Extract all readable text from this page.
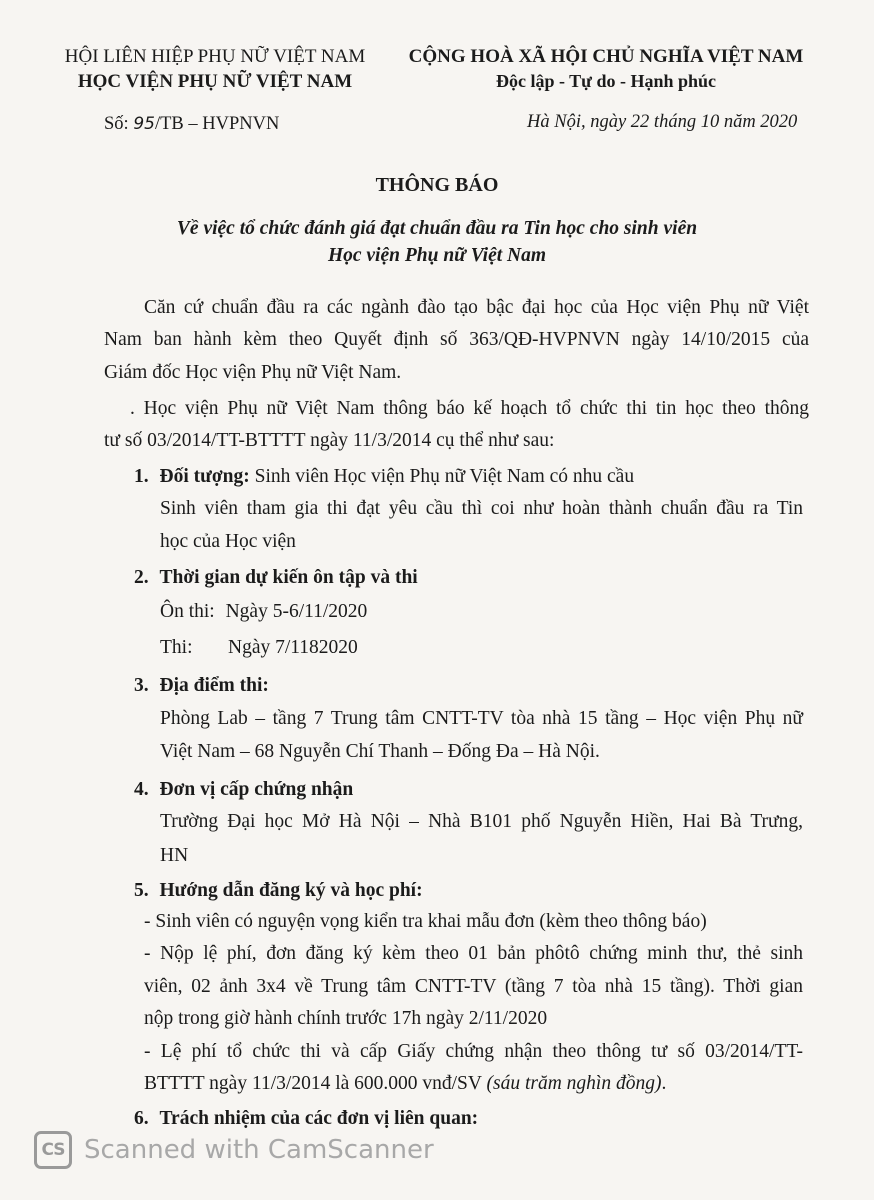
HỘI LIÊN HIỆP PHỤ NỮ VIỆT NAM
HỌC VIỆN PHỤ NỮ VIỆT NAM
CỘNG HOÀ XÃ HỘI CHỦ NGHĨA VIỆT NAM
Độc lập - Tự do - Hạnh phúc
Số: 95/TB – HVPNVN	Hà Nội, ngày 22 tháng 10 năm 2020
THÔNG BÁO
Về việc tổ chức đánh giá đạt chuẩn đầu ra Tin học cho sinh viên
Học viện Phụ nữ Việt Nam
Căn cứ chuẩn đầu ra các ngành đào tạo bậc đại học của Học viện Phụ nữ Việt
Nam ban hành kèm theo Quyết định số 363/QĐ-HVPNVN ngày 14/10/2015 của
Giám đốc Học viện Phụ nữ Việt Nam.
. Học viện Phụ nữ Việt Nam thông báo kế hoạch tổ chức thi tin học theo thông
tư số 03/2014/TT-BTTTT ngày 11/3/2014 cụ thể như sau:
1. Đối tượng: Sinh viên Học viện Phụ nữ Việt Nam có nhu cầu
Sinh viên tham gia thi đạt yêu cầu thì coi như hoàn thành chuẩn đầu ra Tin
học của Học viện
2. Thời gian dự kiến ôn tập và thi
Ôn thi: Ngày 5-6/11/2020
Thi: Ngày 7/1182020
3. Địa điểm thi:
Phòng Lab – tầng 7 Trung tâm CNTT-TV tòa nhà 15 tầng – Học viện Phụ nữ
Việt Nam – 68 Nguyễn Chí Thanh – Đống Đa – Hà Nội.
4. Đơn vị cấp chứng nhận
Trường Đại học Mở Hà Nội – Nhà B101 phố Nguyễn Hiền, Hai Bà Trưng,
HN
5. Hướng dẫn đăng ký và học phí:
- Sinh viên có nguyện vọng kiển tra khai mẫu đơn (kèm theo thông báo)
- Nộp lệ phí, đơn đăng ký kèm theo 01 bản phôtô chứng minh thư, thẻ sinh
viên, 02 ảnh 3x4 về Trung tâm CNTT-TV (tầng 7 tòa nhà 15 tầng). Thời gian
nộp trong giờ hành chính trước 17h ngày 2/11/2020
- Lệ phí tổ chức thi và cấp Giấy chứng nhận theo thông tư số 03/2014/TT-
BTTTT ngày 11/3/2014 là 600.000 vnđ/SV (sáu trăm nghìn đồng).
6. Trách nhiệm của các đơn vị liên quan:
CS Scanned with CamScanner
